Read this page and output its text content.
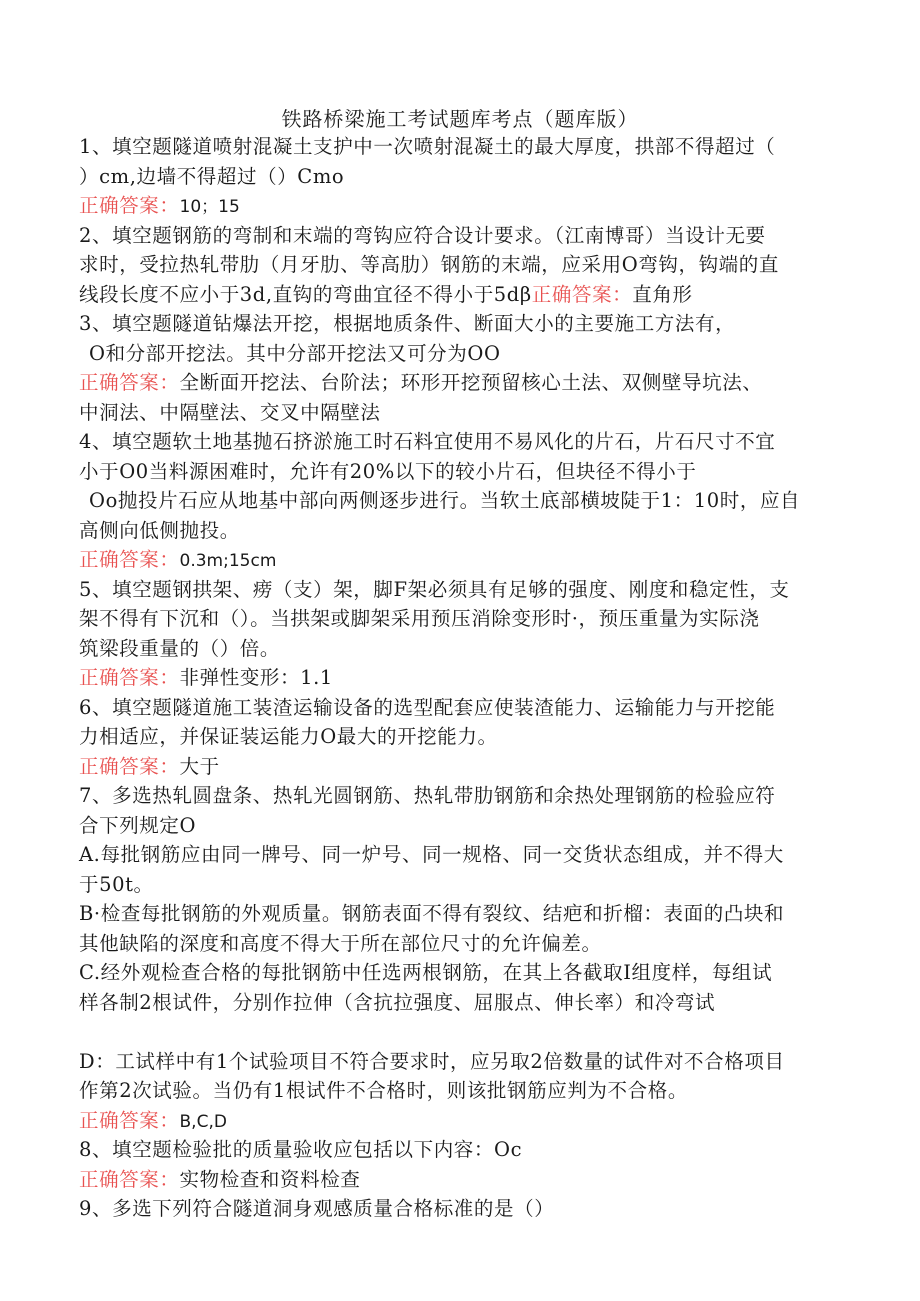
铁路桥梁施工考试题库考点（题库版）
1、填空题隧道喷射混凝土支护中一次喷射混凝土的最大厚度，拱部不得超过（
）cm,边墙不得超过（）Cmo
正确答案：10；15
2、填空题钢筋的弯制和末端的弯钩应符合设计要求。（江南博哥）当设计无要
求时，受拉热轧带肋（月牙肋、等高肋）钢筋的末端，应采用O弯钩，钩端的直
线段长度不应小于3d,直钩的弯曲宜径不得小于5dβ正确答案：直角形
3、填空题隧道钻爆法开挖，根据地质条件、断面大小的主要施工方法有，
O和分部开挖法。其中分部开挖法又可分为OO
正确答案：全断面开挖法、台阶法；环形开挖预留核心土法、双侧壁导坑法、
中洞法、中隔壁法、交叉中隔壁法
4、填空题软土地基抛石挤淤施工时石料宜使用不易风化的片石，片石尺寸不宜
小于O0当料源困难时，允许有20%以下的较小片石，但块径不得小于
Oo抛投片石应从地基中部向两侧逐步进行。当软土底部横坡陡于1：10时，应自
高侧向低侧抛投。
正确答案：0.3m;15cm
5、填空题钢拱架、痨（支）架，脚F架必须具有足够的强度、刚度和稳定性，支
架不得有下沉和（）。当拱架或脚架采用预压消除变形时·，预压重量为实际浇
筑梁段重量的（）倍。
正确答案：非弹性变形：1.1
6、填空题隧道施工装渣运输设备的选型配套应使装渣能力、运输能力与开挖能
力相适应，并保证装运能力O最大的开挖能力。
正确答案：大于
7、多选热轧圆盘条、热轧光圆钢筋、热轧带肋钢筋和余热处理钢筋的检验应符
合下列规定O
A.每批钢筋应由同一牌号、同一炉号、同一规格、同一交货状态组成，并不得大
于50t。
B·检查每批钢筋的外观质量。钢筋表面不得有裂纹、结疤和折榴：表面的凸块和
其他缺陷的深度和高度不得大于所在部位尺寸的允许偏差。
C.经外观检查合格的每批钢筋中任选两根钢筋，在其上各截取I组度样，每组试
样各制2根试件，分别作拉伸（含抗拉强度、屈服点、伸长率）和冷弯试
D：工试样中有1个试验项目不符合要求时，应另取2倍数量的试件对不合格项目
作第2次试验。当仍有1根试件不合格时，则该批钢筋应判为不合格。
正确答案：B,C,D
8、填空题检验批的质量验收应包括以下内容：Oc
正确答案：实物检查和资料检查
9、多选下列符合隧道洞身观感质量合格标准的是（）
